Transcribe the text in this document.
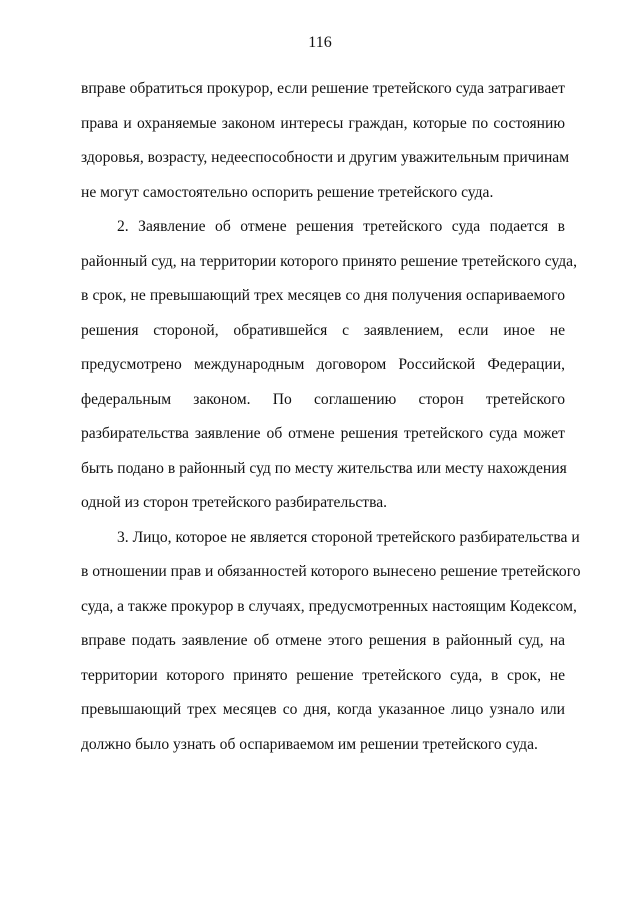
116
вправе обратиться прокурор, если решение третейского суда затрагивает
права и охраняемые законом интересы граждан, которые по состоянию
здоровья, возрасту, недееспособности и другим уважительным причинам
не могут самостоятельно оспорить решение третейского суда.
2. Заявление об отмене решения третейского суда подается в
районный суд, на территории которого принято решение третейского суда,
в срок, не превышающий трех месяцев со дня получения оспариваемого
решения стороной, обратившейся с заявлением, если иное не
предусмотрено международным договором Российской Федерации,
федеральным законом. По соглашению сторон третейского
разбирательства заявление об отмене решения третейского суда может
быть подано в районный суд по месту жительства или месту нахождения
одной из сторон третейского разбирательства.
3. Лицо, которое не является стороной третейского разбирательства и
в отношении прав и обязанностей которого вынесено решение третейского
суда, а также прокурор в случаях, предусмотренных настоящим Кодексом,
вправе подать заявление об отмене этого решения в районный суд, на
территории которого принято решение третейского суда, в срок, не
превышающий трех месяцев со дня, когда указанное лицо узнало или
должно было узнать об оспариваемом им решении третейского суда.
